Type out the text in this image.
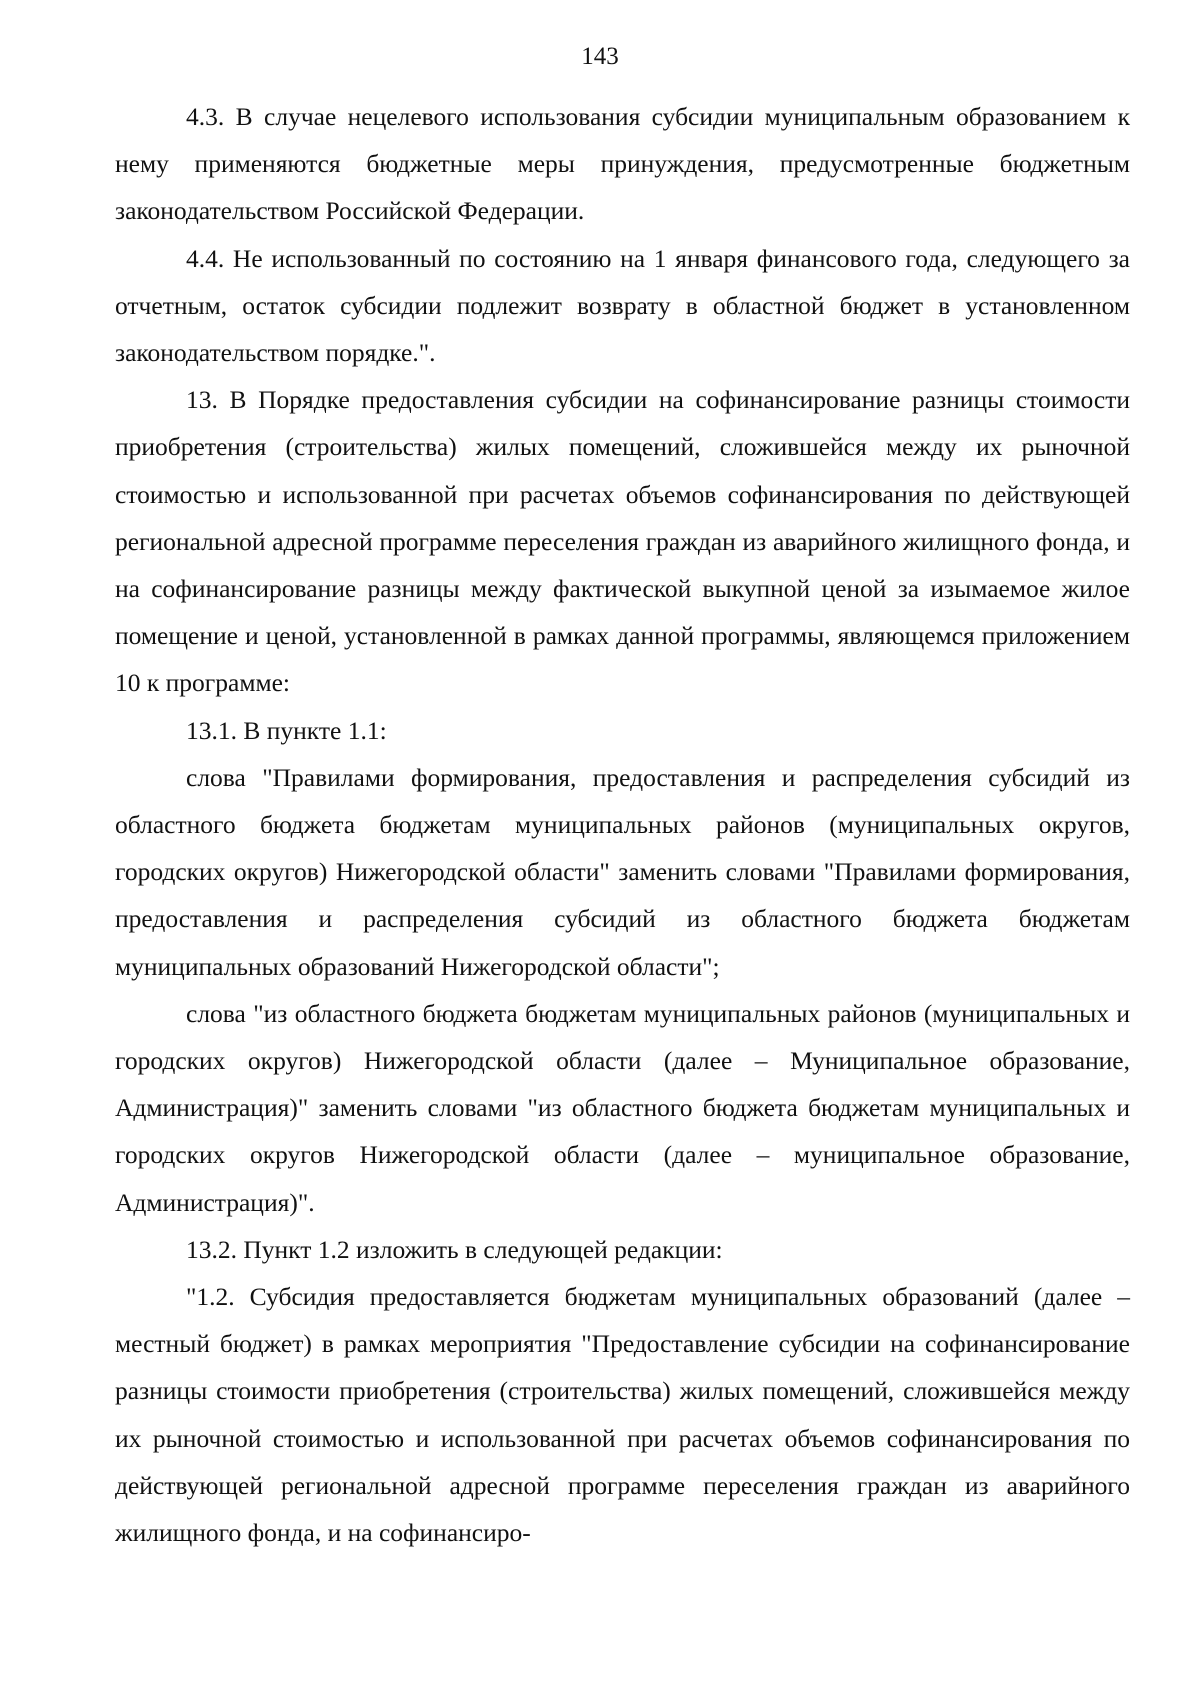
143

4.3. В случае нецелевого использования субсидии муниципальным образованием к нему применяются бюджетные меры принуждения, предусмотренные бюджетным законодательством Российской Федерации.

4.4. Не использованный по состоянию на 1 января финансового года, следующего за отчетным, остаток субсидии подлежит возврату в областной бюджет в установленном законодательством порядке.".

13. В Порядке предоставления субсидии на софинансирование разницы стоимости приобретения (строительства) жилых помещений, сложившейся между их рыночной стоимостью и использованной при расчетах объемов софинансирования по действующей региональной адресной программе переселения граждан из аварийного жилищного фонда, и на софинансирование разницы между фактической выкупной ценой за изымаемое жилое помещение и ценой, установленной в рамках данной программы, являющемся приложением 10 к программе:

13.1. В пункте 1.1:

слова "Правилами формирования, предоставления и распределения субсидий из областного бюджета бюджетам муниципальных районов (муниципальных округов, городских округов) Нижегородской области" заменить словами "Правилами формирования, предоставления и распределения субсидий из областного бюджета бюджетам муниципальных образований Нижегородской области";

слова "из областного бюджета бюджетам муниципальных районов (муниципальных и городских округов) Нижегородской области (далее – Муниципальное образование, Администрация)" заменить словами "из областного бюджета бюджетам муниципальных и городских округов Нижегородской области (далее – муниципальное образование, Администрация)".

13.2. Пункт 1.2 изложить в следующей редакции:

"1.2. Субсидия предоставляется бюджетам муниципальных образований (далее – местный бюджет) в рамках мероприятия "Предоставление субсидии на софинансирование разницы стоимости приобретения (строительства) жилых помещений, сложившейся между их рыночной стоимостью и использованной при расчетах объемов софинансирования по действующей региональной адресной программе переселения граждан из аварийного жилищного фонда, и на софинансиро-
